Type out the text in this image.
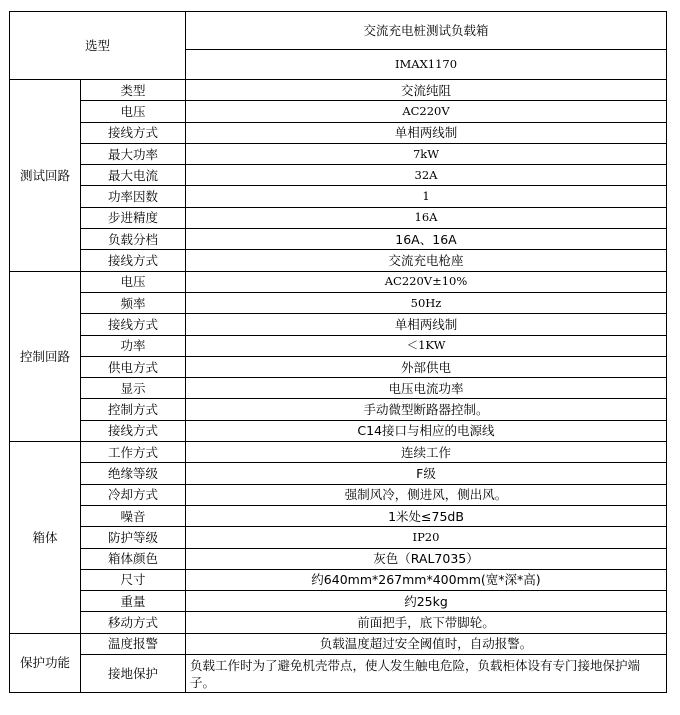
选型		交流充电桩测试负载箱
		IMAX1170
测试回路	类型	交流纯阻
	电压	AC220V
	接线方式	单相两线制
	最大功率	7kW
	最大电流	32A
	功率因数	1
	步进精度	16A
	负载分档	16A、16A
	接线方式	交流充电枪座
控制回路	电压	AC220V±10%
	频率	50Hz
	接线方式	单相两线制
	功率	＜1KW
	供电方式	外部供电
	显示	电压电流功率
	控制方式	手动微型断路器控制。
	接线方式	C14接口与相应的电源线
箱体	工作方式	连续工作
	绝缘等级	F级
	冷却方式	强制风冷，侧进风，侧出风。
	噪音	1米处≤75dB
	防护等级	IP20
	箱体颜色	灰色（RAL7035）
	尺寸	约640mm*267mm*400mm(宽*深*高)
	重量	约25kg
	移动方式	前面把手，底下带脚轮。
保护功能	温度报警	负载温度超过安全阈值时，自动报警。
	接地保护	负载工作时为了避免机壳带点，使人发生触电危险，负载柜体设有专门接地保护端子。
